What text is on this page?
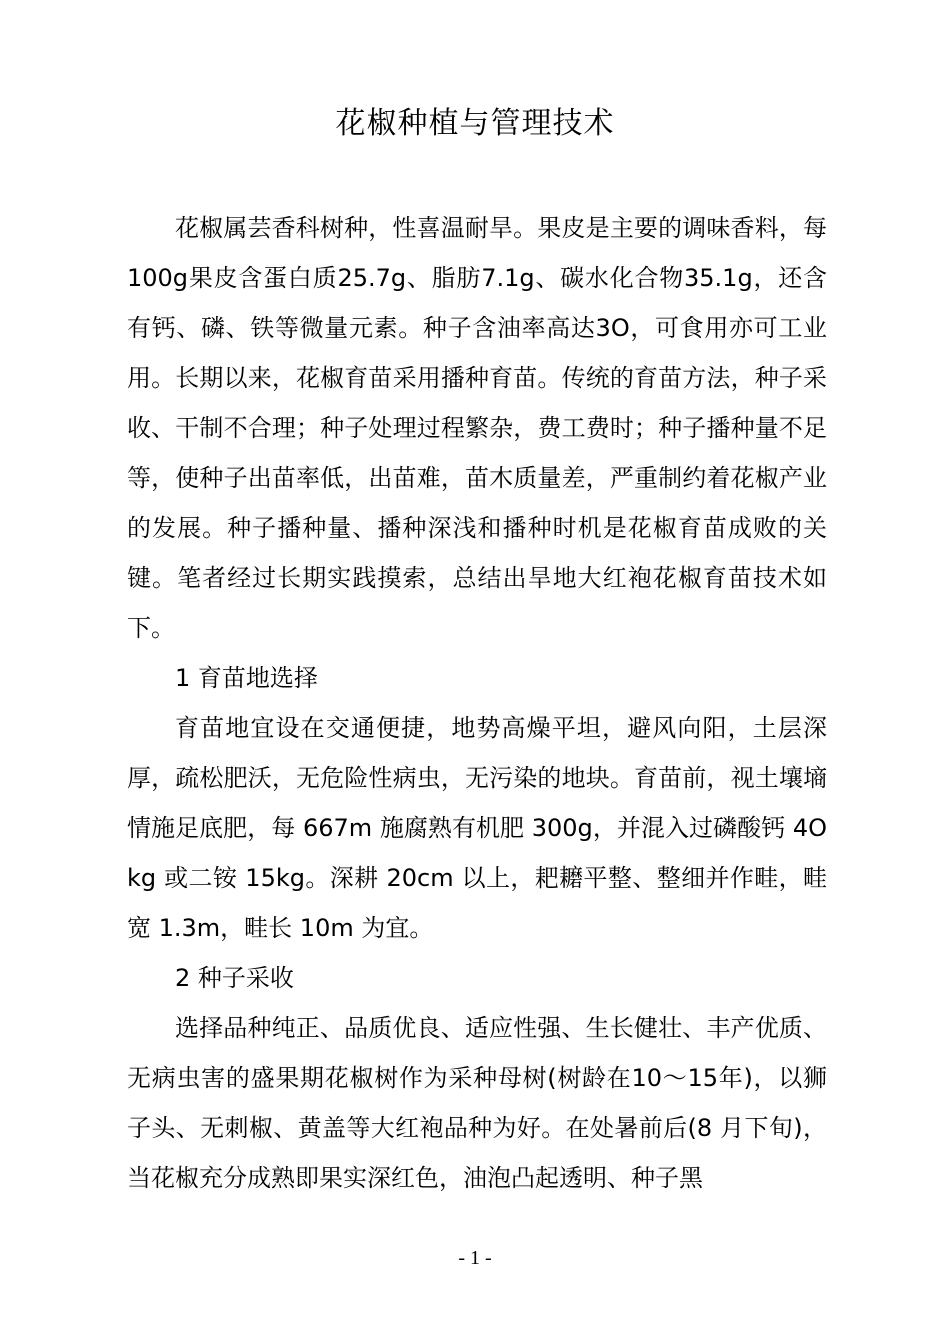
花椒种植与管理技术

花椒属芸香科树种，性喜温耐旱。果皮是主要的调味香料，每100g果皮含蛋白质25.7g、脂肪7.1g、碳水化合物35.1g，还含有钙、磷、铁等微量元素。种子含油率高达3O，可食用亦可工业用。长期以来，花椒育苗采用播种育苗。传统的育苗方法，种子采收、干制不合理；种子处理过程繁杂，费工费时；种子播种量不足等，使种子出苗率低，出苗难，苗木质量差，严重制约着花椒产业的发展。种子播种量、播种深浅和播种时机是花椒育苗成败的关键。笔者经过长期实践摸索，总结出旱地大红袍花椒育苗技术如下。

1 育苗地选择

育苗地宜设在交通便捷，地势高燥平坦，避风向阳，土层深厚，疏松肥沃，无危险性病虫，无污染的地块。育苗前，视土壤墒情施足底肥，每 667m 施腐熟有机肥 300g，并混入过磷酸钙 4Okg 或二铵 15kg。深耕 20cm 以上，耙耱平整、整细并作畦，畦宽 1.3m，畦长 10m 为宜。

2 种子采收

选择品种纯正、品质优良、适应性强、生长健壮、丰产优质、无病虫害的盛果期花椒树作为采种母树(树龄在10～15年)，以狮子头、无刺椒、黄盖等大红袍品种为好。在处暑前后(8 月下旬)，当花椒充分成熟即果实深红色，油泡凸起透明、种子黑

- 1 -
